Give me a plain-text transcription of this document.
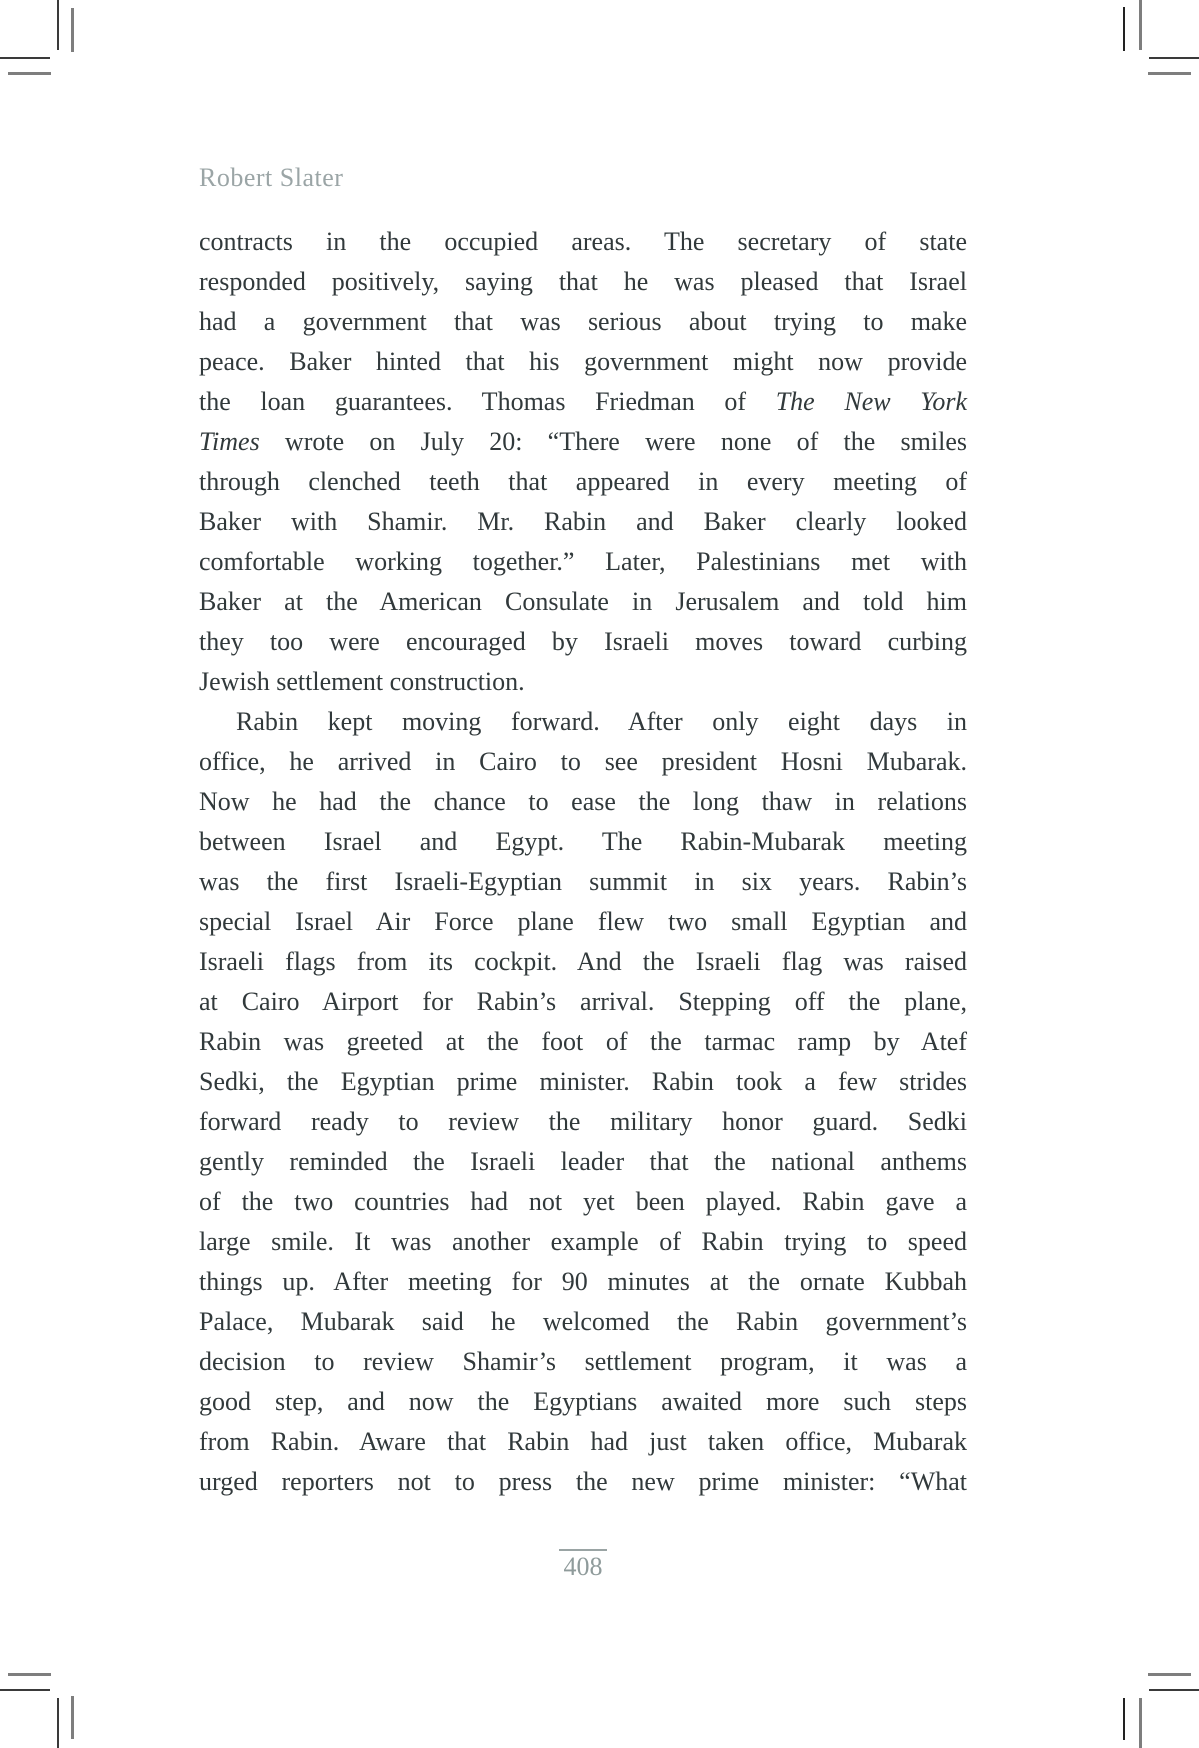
Robert Slater
contracts in the occupied areas. The secretary of state
responded positively, saying that he was pleased that Israel
had a government that was serious about trying to make
peace. Baker hinted that his government might now provide
the loan guarantees. Thomas Friedman of The New York
Times wrote on July 20: “There were none of the smiles
through clenched teeth that appeared in every meeting of
Baker with Shamir. Mr. Rabin and Baker clearly looked
comfortable working together.” Later, Palestinians met with
Baker at the American Consulate in Jerusalem and told him
they too were encouraged by Israeli moves toward curbing
Jewish settlement construction.
Rabin kept moving forward. After only eight days in
office, he arrived in Cairo to see president Hosni Mubarak.
Now he had the chance to ease the long thaw in relations
between Israel and Egypt. The Rabin-Mubarak meeting
was the first Israeli-Egyptian summit in six years. Rabin’s
special Israel Air Force plane flew two small Egyptian and
Israeli flags from its cockpit. And the Israeli flag was raised
at Cairo Airport for Rabin’s arrival. Stepping off the plane,
Rabin was greeted at the foot of the tarmac ramp by Atef
Sedki, the Egyptian prime minister. Rabin took a few strides
forward ready to review the military honor guard. Sedki
gently reminded the Israeli leader that the national anthems
of the two countries had not yet been played. Rabin gave a
large smile. It was another example of Rabin trying to speed
things up. After meeting for 90 minutes at the ornate Kubbah
Palace, Mubarak said he welcomed the Rabin government’s
decision to review Shamir’s settlement program, it was a
good step, and now the Egyptians awaited more such steps
from Rabin. Aware that Rabin had just taken office, Mubarak
urged reporters not to press the new prime minister: “What
408
